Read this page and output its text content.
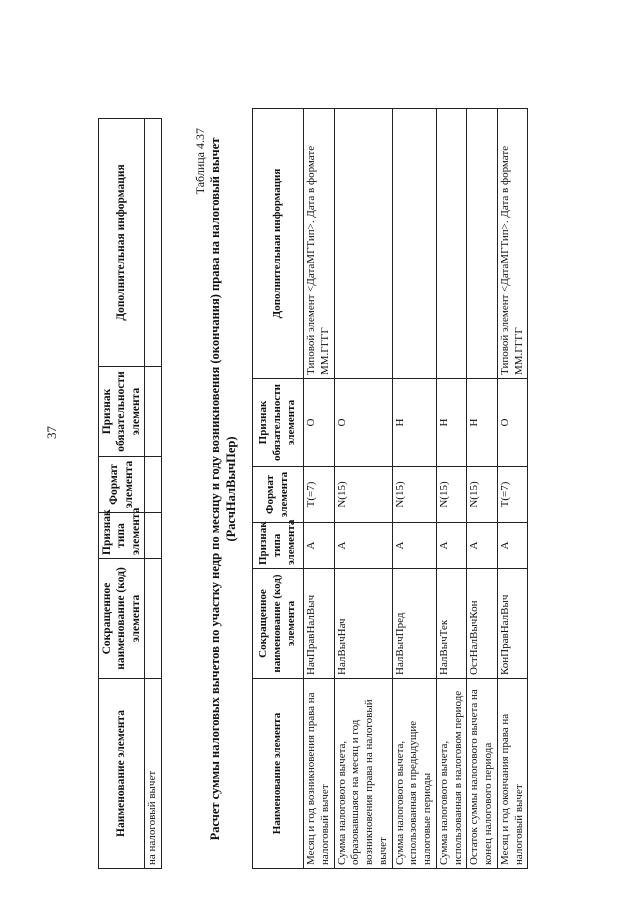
37
Наименование элемента	Сокращенное наименование (код) элемента	Признак типа элемента	Формат элемента	Признак обязательности элемента	Дополнительная информация
на налоговый вычет					
Таблица 4.37 Расчет суммы налоговых вычетов по участку недр по месяцу и году возникновения (окончания) права на налоговый вычет (РасчНалВычПер)
Наименование элемента	Сокращенное наименование (код) элемента	Признак типа элемента	Формат элемента	Признак обязательности элемента	Дополнительная информация
Месяц и год возникновения права на налоговый вычет	НачПравНалВыч	А	T(=7)	О	Типовой элемент <ДатаМГТип>. Дата в формате ММ.ГГГГ
Сумма налогового вычета, образовавшаяся на месяц и год возникновения права на налоговый вычет	НалВычНач	А	N(15)	О	
Сумма налогового вычета, использованная в предыдущие налоговые периоды	НалВычПред	А	N(15)	Н	
Сумма налогового вычета, использованная в налоговом периоде	НалВычТек	А	N(15)	Н	
Остаток суммы налогового вычета на конец налогового периода	ОстНалВычКон	А	N(15)	Н	
Месяц и год окончания права на налоговый вычет	КонПравНалВыч	А	T(=7)	О	Типовой элемент <ДатаМГТип>. Дата в формате ММ.ГГГГ
